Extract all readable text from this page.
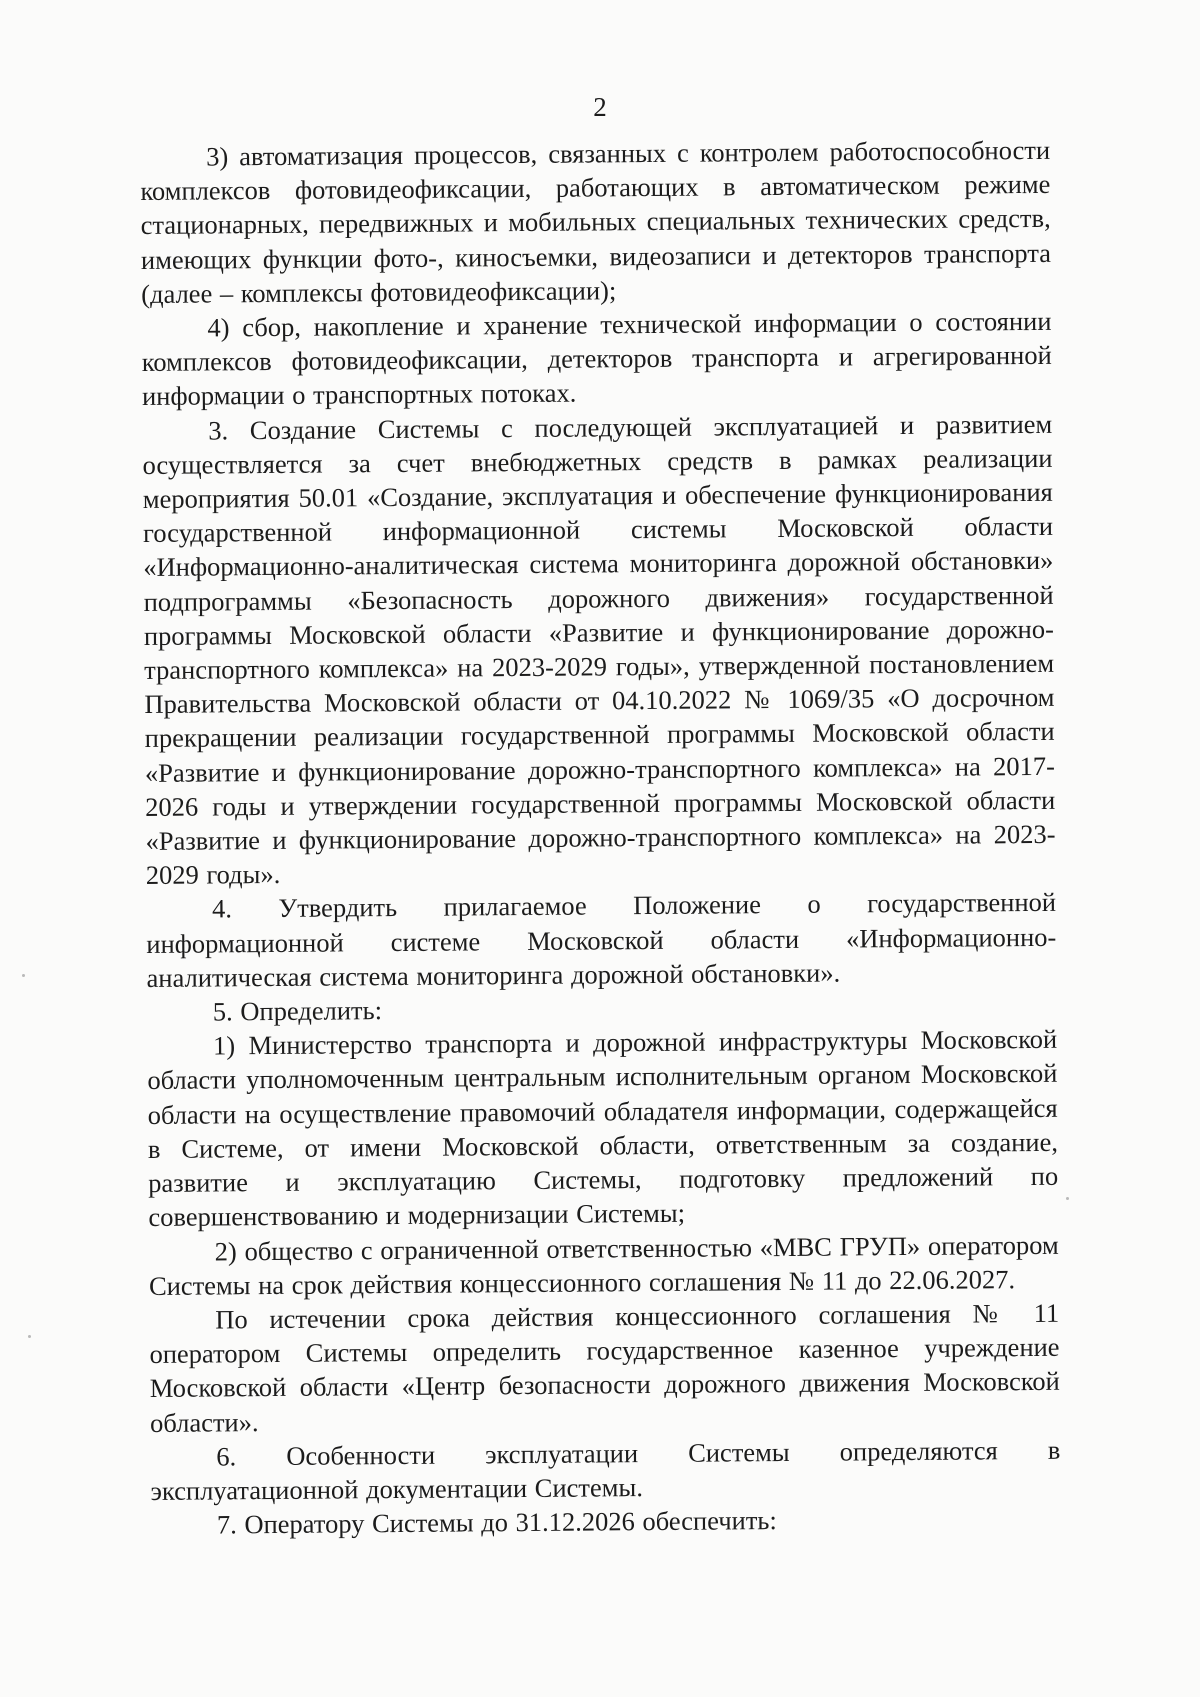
2

3) автоматизация процессов, связанных с контролем работоспособности комплексов фотовидеофиксации, работающих в автоматическом режиме стационарных, передвижных и мобильных специальных технических средств, имеющих функции фото-, киносъемки, видеозаписи и детекторов транспорта (далее – комплексы фотовидеофиксации);

4) сбор, накопление и хранение технической информации о состоянии комплексов фотовидеофиксации, детекторов транспорта и агрегированной информации о транспортных потоках.

3. Создание Системы с последующей эксплуатацией и развитием осуществляется за счет внебюджетных средств в рамках реализации мероприятия 50.01 «Создание, эксплуатация и обеспечение функционирования государственной информационной системы Московской области «Информационно-аналитическая система мониторинга дорожной обстановки» подпрограммы «Безопасность дорожного движения» государственной программы Московской области «Развитие и функционирование дорожно-транспортного комплекса» на 2023-2029 годы», утвержденной постановлением Правительства Московской области от 04.10.2022 № 1069/35 «О досрочном прекращении реализации государственной программы Московской области «Развитие и функционирование дорожно-транспортного комплекса» на 2017-2026 годы и утверждении государственной программы Московской области «Развитие и функционирование дорожно-транспортного комплекса» на 2023-2029 годы».

4. Утвердить прилагаемое Положение о государственной информационной системе Московской области «Информационно-аналитическая система мониторинга дорожной обстановки».

5. Определить:

1) Министерство транспорта и дорожной инфраструктуры Московской области уполномоченным центральным исполнительным органом Московской области на осуществление правомочий обладателя информации, содержащейся в Системе, от имени Московской области, ответственным за создание, развитие и эксплуатацию Системы, подготовку предложений по совершенствованию и модернизации Системы;

2) общество с ограниченной ответственностью «МВС ГРУП» оператором Системы на срок действия концессионного соглашения № 11 до 22.06.2027.

По истечении срока действия концессионного соглашения № 11 оператором Системы определить государственное казенное учреждение Московской области «Центр безопасности дорожного движения Московской области».

6. Особенности эксплуатации Системы определяются в эксплуатационной документации Системы.

7. Оператору Системы до 31.12.2026 обеспечить:
